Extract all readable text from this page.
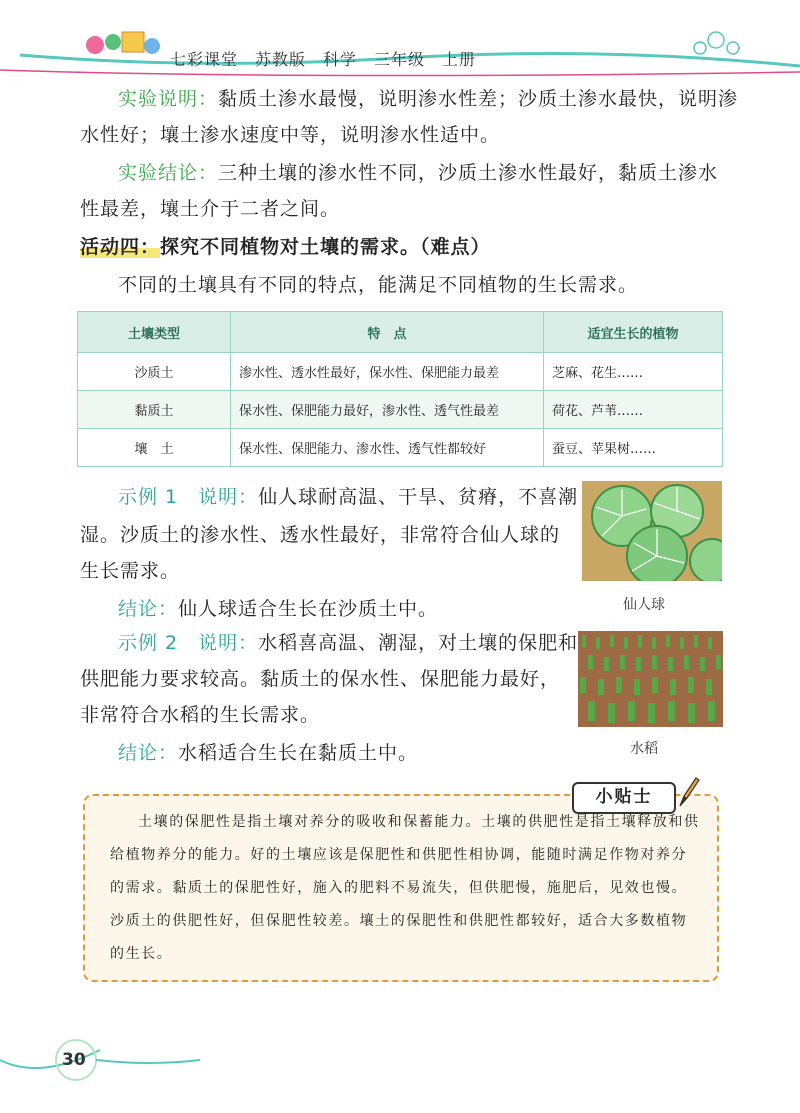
七彩课堂　苏教版　科学　三年级　上册
实验说明：黏质土渗水最慢，说明渗水性差；沙质土渗水最快，说明渗
水性好；壤土渗水速度中等，说明渗水性适中。
实验结论：三种土壤的渗水性不同，沙质土渗水性最好，黏质土渗水
性最差，壤土介于二者之间。
活动四：探究不同植物对土壤的需求。（难点）
不同的土壤具有不同的特点，能满足不同植物的生长需求。
土壤类型	特　点	适宜生长的植物
沙质土	渗水性、透水性最好，保水性、保肥能力最差	芝麻、花生……
黏质土	保水性、保肥能力最好，渗水性、透气性最差	荷花、芦苇……
壤　土	保水性、保肥能力、渗水性、透气性都较好	蚕豆、苹果树……
示例 1　说明：仙人球耐高温、干旱、贫瘠，不喜潮
湿。沙质土的渗水性、透水性最好，非常符合仙人球的
生长需求。
结论：仙人球适合生长在沙质土中。	仙人球
示例 2　说明：水稻喜高温、潮湿，对土壤的保肥和
供肥能力要求较高。黏质土的保水性、保肥能力最好，
非常符合水稻的生长需求。
结论：水稻适合生长在黏质土中。	水稻
小贴士
土壤的保肥性是指土壤对养分的吸收和保蓄能力。土壤的供肥性是指土壤释放和供给植物养分的能力。好的土壤应该是保肥性和供肥性相协调，能随时满足作物对养分的需求。黏质土的保肥性好，施入的肥料不易流失，但供肥慢，施肥后，见效也慢。沙质土的供肥性好，但保肥性较差。壤土的保肥性和供肥性都较好，适合大多数植物的生长。
30
